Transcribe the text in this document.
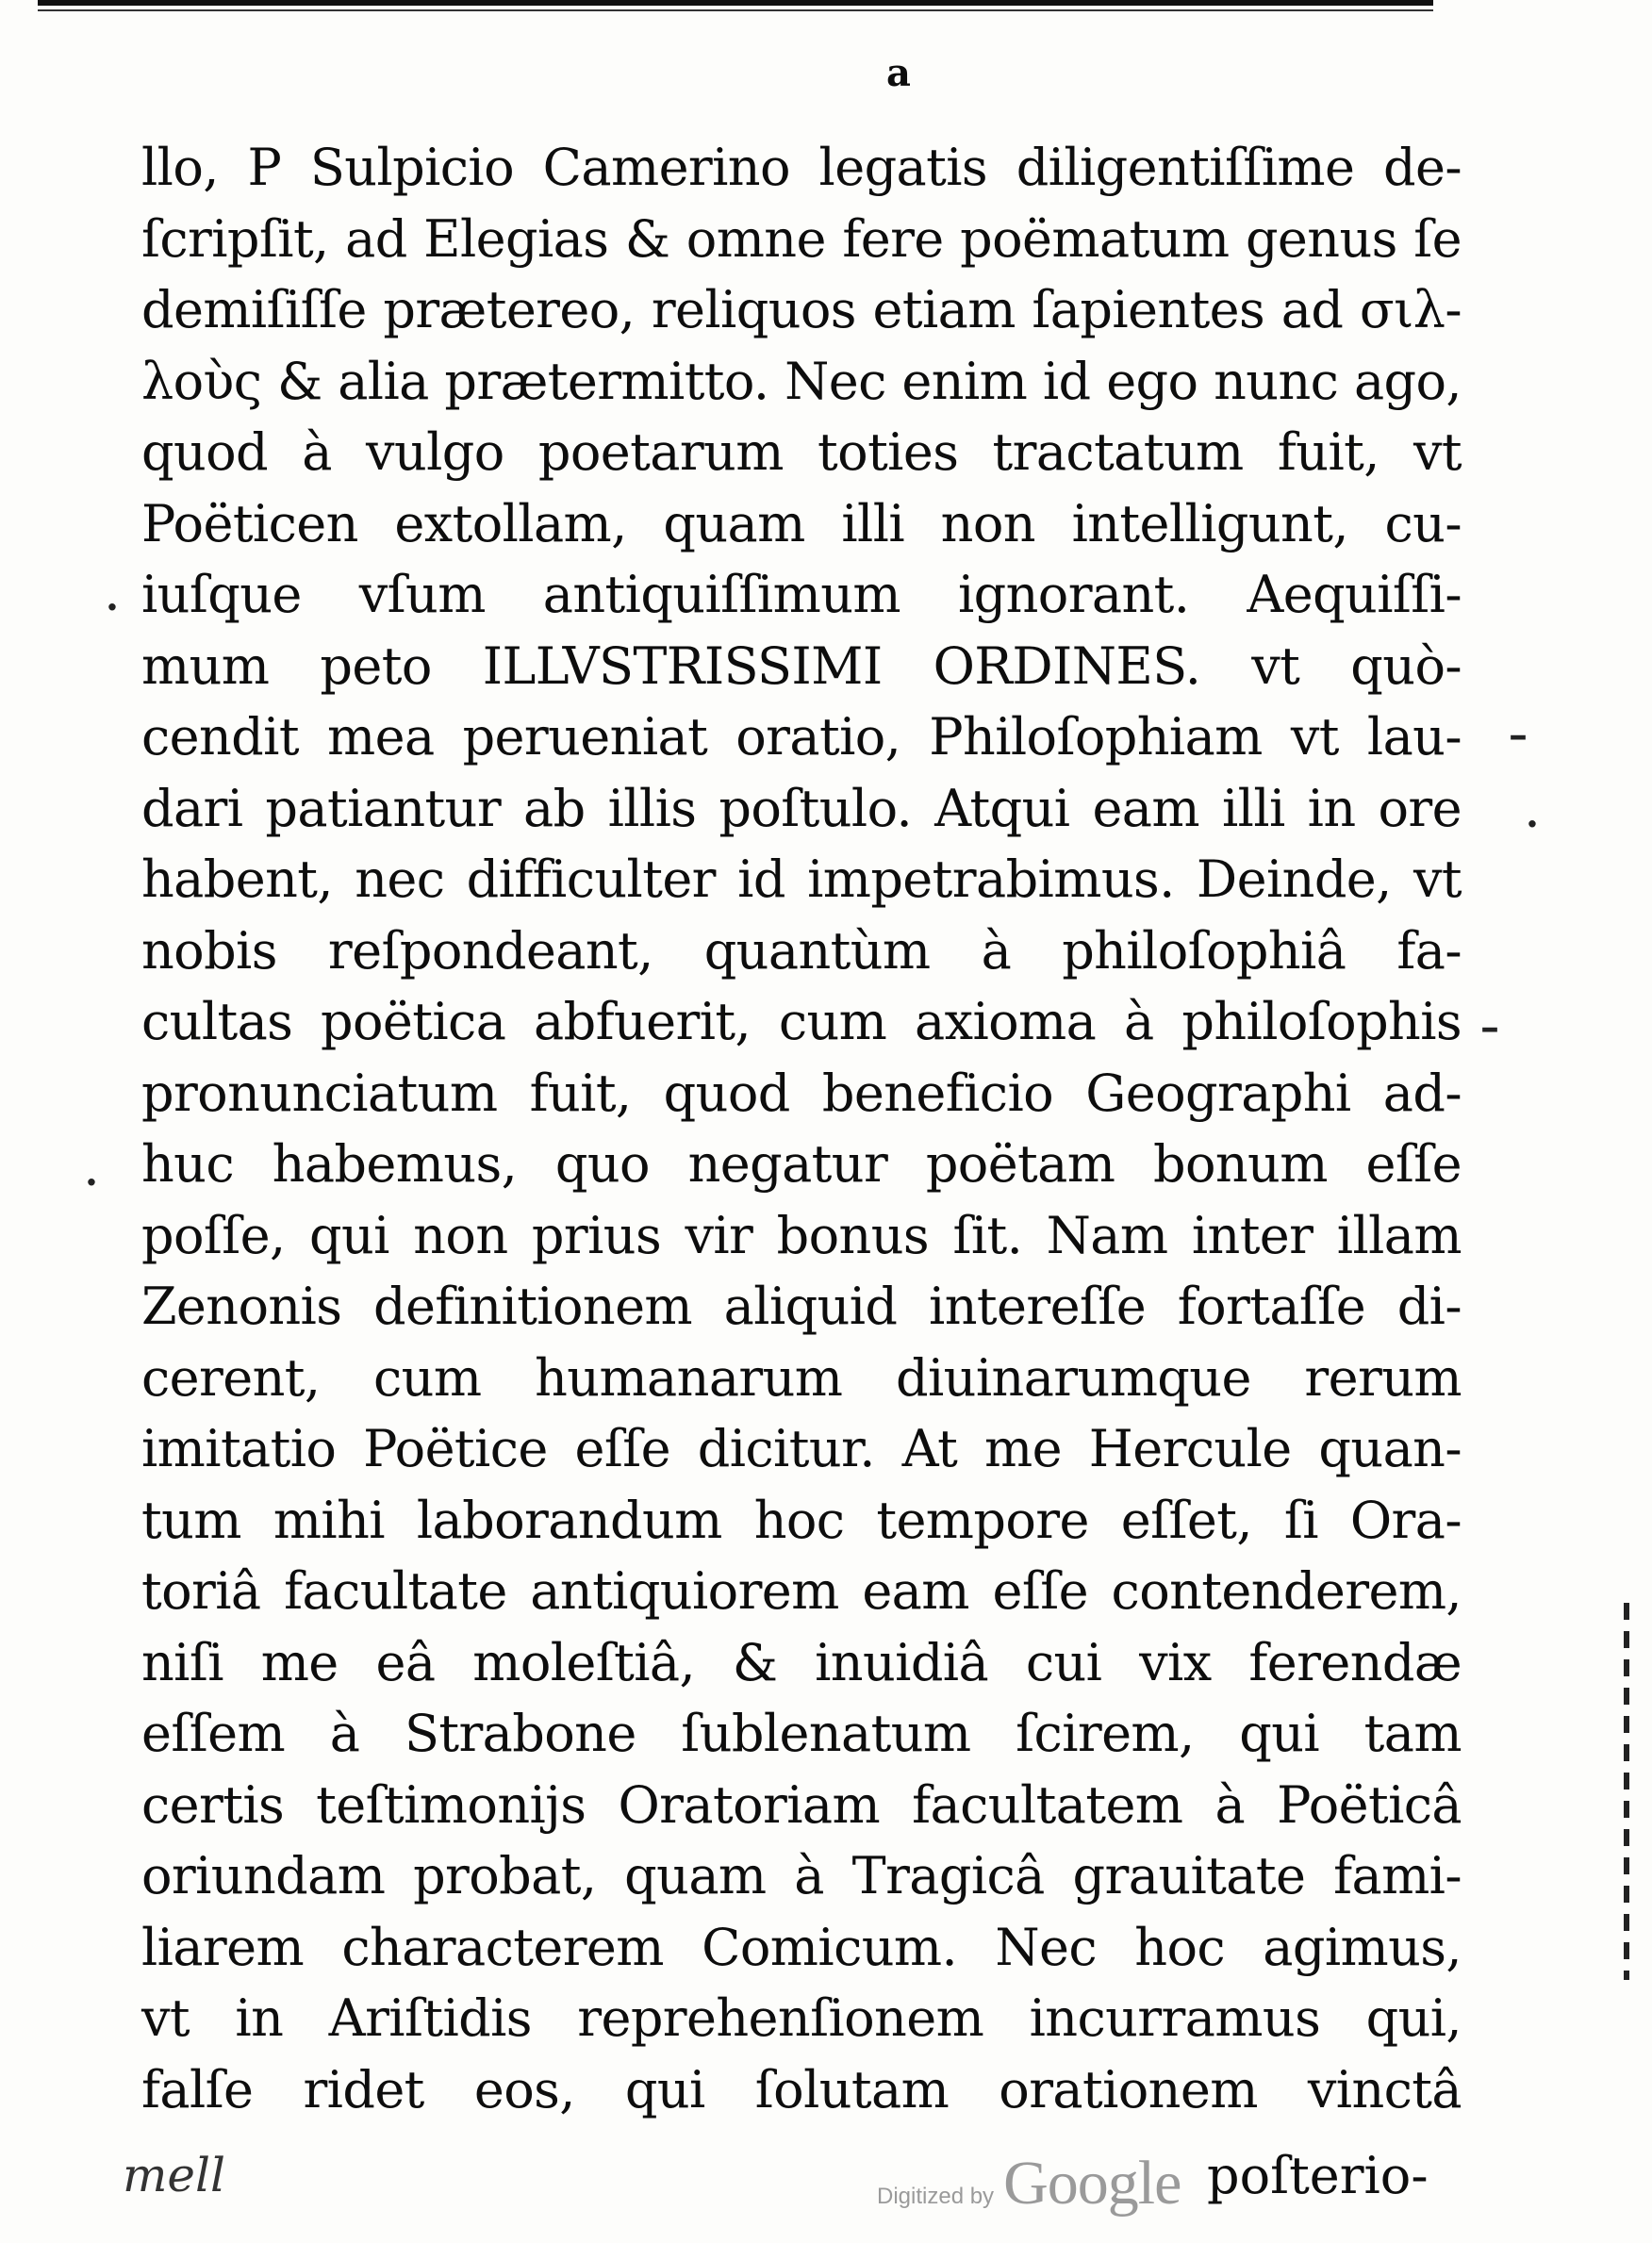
a
llo, P Sulpicio Camerino legatis diligentiſſime de-
ſcripſit, ad Elegias & omne fere poëmatum genus ſe
demiſiſſe prætereo, reliquos etiam ſapientes ad σιλ-
λοὺς & alia prætermitto. Nec enim id ego nunc ago,
quod à vulgo poetarum toties tractatum fuit, vt
Poëticen extollam, quam illi non intelligunt, cu-
iuſque vſum antiquiſſimum ignorant. Aequiſſi-
mum peto ILLVSTRISSIMI ORDINES. vt quò-
cendit mea perueniat oratio, Philoſophiam vt lau-
dari patiantur ab illis poſtulo. Atqui eam illi in ore
habent, nec difficulter id impetrabimus. Deinde, vt
nobis reſpondeant, quantùm à philoſophiâ fa-
cultas poëtica abfuerit, cum axioma à philoſophis
pronunciatum fuit, quod beneficio Geographi ad-
huc habemus, quo negatur poëtam bonum eſſe
poſſe, qui non prius vir bonus ſit. Nam inter illam
Zenonis definitionem aliquid intereſſe fortaſſe di-
cerent, cum humanarum diuinarumque rerum
imitatio Poëtice eſſe dicitur. At me Hercule quan-
tum mihi laborandum hoc tempore eſſet, ſi Ora-
toriâ facultate antiquiorem eam eſſe contenderem,
niſi me eâ moleſtiâ, & inuidiâ cui vix ferendæ
eſſem à Strabone ſublenatum ſcirem, qui tam
certis teſtimonijs Oratoriam facultatem à Poëticâ
oriundam probat, quam à Tragicâ grauitate fami-
liarem characterem Comicum. Nec hoc agimus,
vt in Ariſtidis reprehenſionem incurramus qui,
falſe ridet eos, qui ſolutam orationem vinctâ
·
–
·
·
–
mell	Digitized by Google poſterio-
